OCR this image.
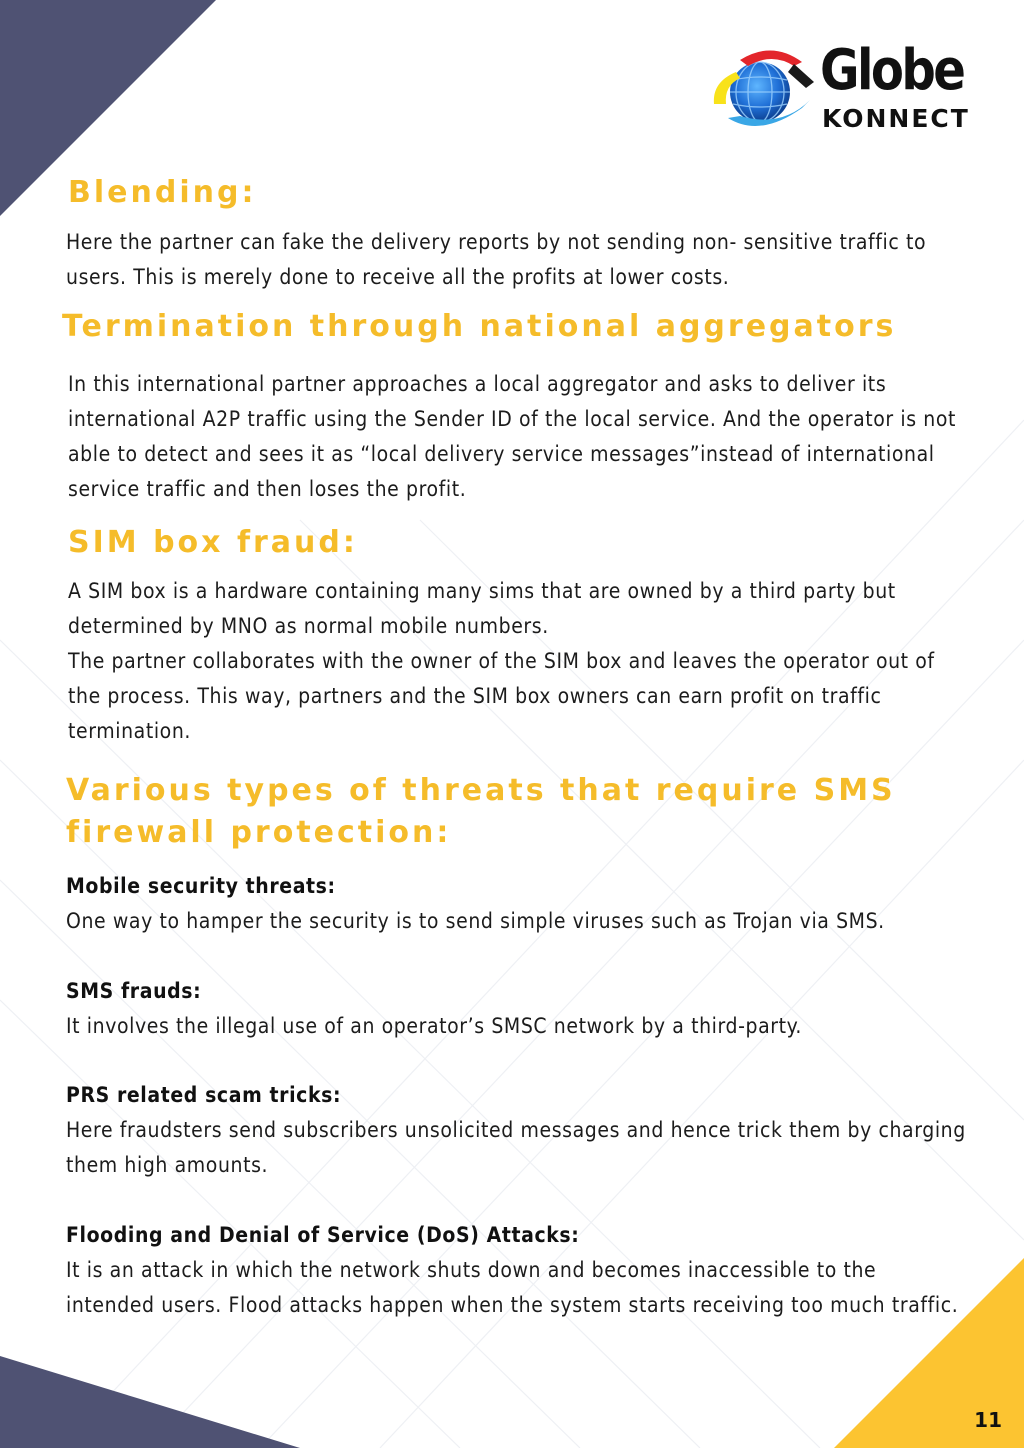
Globe
KONNECT
Blending:

Here the partner can fake the delivery reports by not sending non- sensitive traffic to users. This is merely done to receive all the profits at lower costs.

Termination through national aggregators

In this international partner approaches a local aggregator and asks to deliver its international A2P traffic using the Sender ID of the local service. And the operator is not able to detect and sees it as “local delivery service messages”instead of international service traffic and then loses the profit.

SIM box fraud:

A SIM box is a hardware containing many sims that are owned by a third party but determined by MNO as normal mobile numbers.

The partner collaborates with the owner of the SIM box and leaves the operator out of the process. This way, partners and the SIM box owners can earn profit on traffic termination.

Various types of threats that require SMS
firewall protection:

Mobile security threats:

One way to hamper the security is to send simple viruses such as Trojan via SMS.

SMS frauds:

It involves the illegal use of an operator’s SMSC network by a third-party.

PRS related scam tricks:

Here fraudsters send subscribers unsolicited messages and hence trick them by charging them high amounts.

Flooding and Denial of Service (DoS) Attacks:

It is an attack in which the network shuts down and becomes inaccessible to the intended users. Flood attacks happen when the system starts receiving too much traffic.

11
